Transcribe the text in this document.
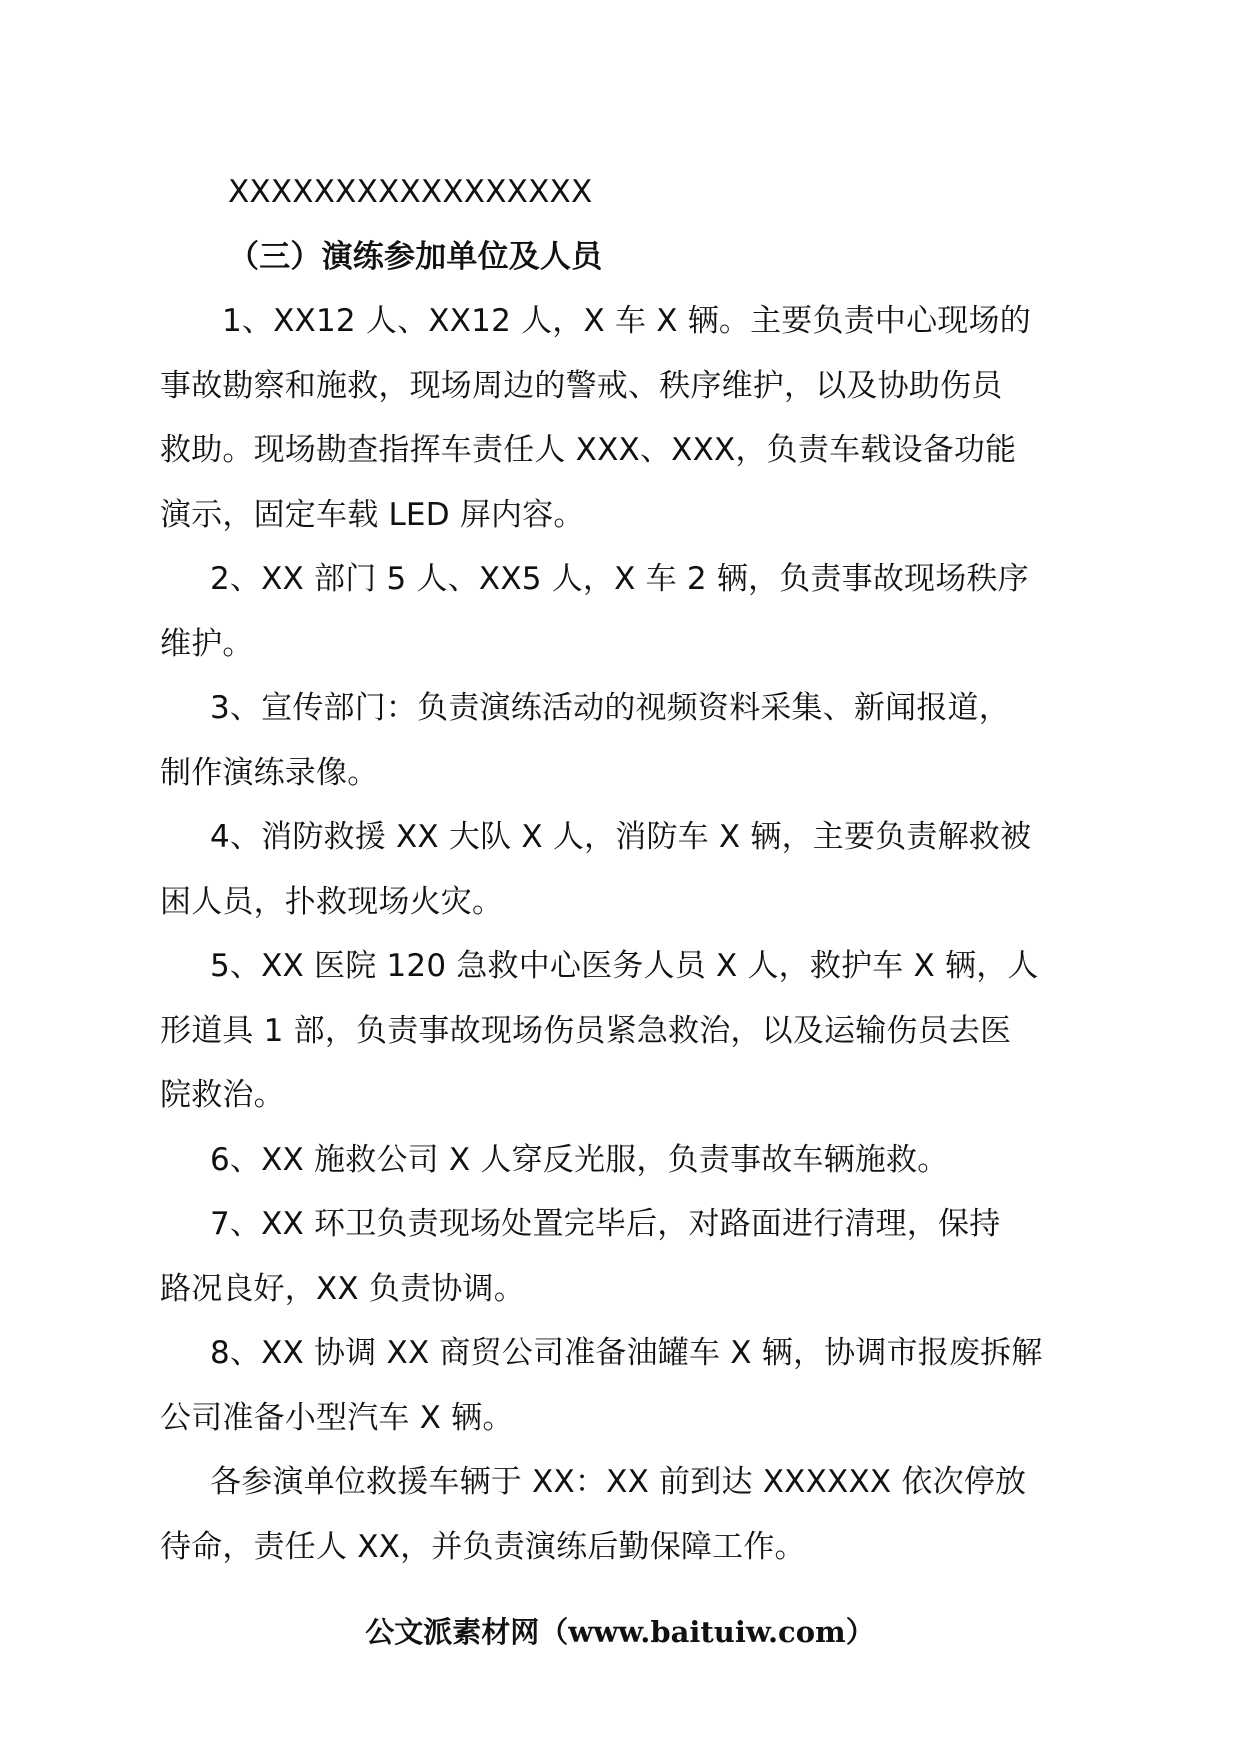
XXXXXXXXXXXXXXXXX
（三）演练参加单位及人员
1、XX12 人、XX12 人，X 车 X 辆。主要负责中心现场的
事故勘察和施救，现场周边的警戒、秩序维护，以及协助伤员
救助。现场勘查指挥车责任人 XXX、XXX，负责车载设备功能
演示，固定车载 LED 屏内容。
2、XX 部门 5 人、XX5 人，X 车 2 辆，负责事故现场秩序
维护。
3、宣传部门：负责演练活动的视频资料采集、新闻报道，
制作演练录像。
4、消防救援 XX 大队 X 人，消防车 X 辆，主要负责解救被
困人员，扑救现场火灾。
5、XX 医院 120 急救中心医务人员 X 人，救护车 X 辆，人
形道具 1 部，负责事故现场伤员紧急救治，以及运输伤员去医
院救治。
6、XX 施救公司 X 人穿反光服，负责事故车辆施救。
7、XX 环卫负责现场处置完毕后，对路面进行清理，保持
路况良好，XX 负责协调。
8、XX 协调 XX 商贸公司准备油罐车 X 辆，协调市报废拆解
公司准备小型汽车 X 辆。
各参演单位救援车辆于 XX：XX 前到达 XXXXXX 依次停放
待命，责任人 XX，并负责演练后勤保障工作。
公文派素材网（www.baituiw.com）
